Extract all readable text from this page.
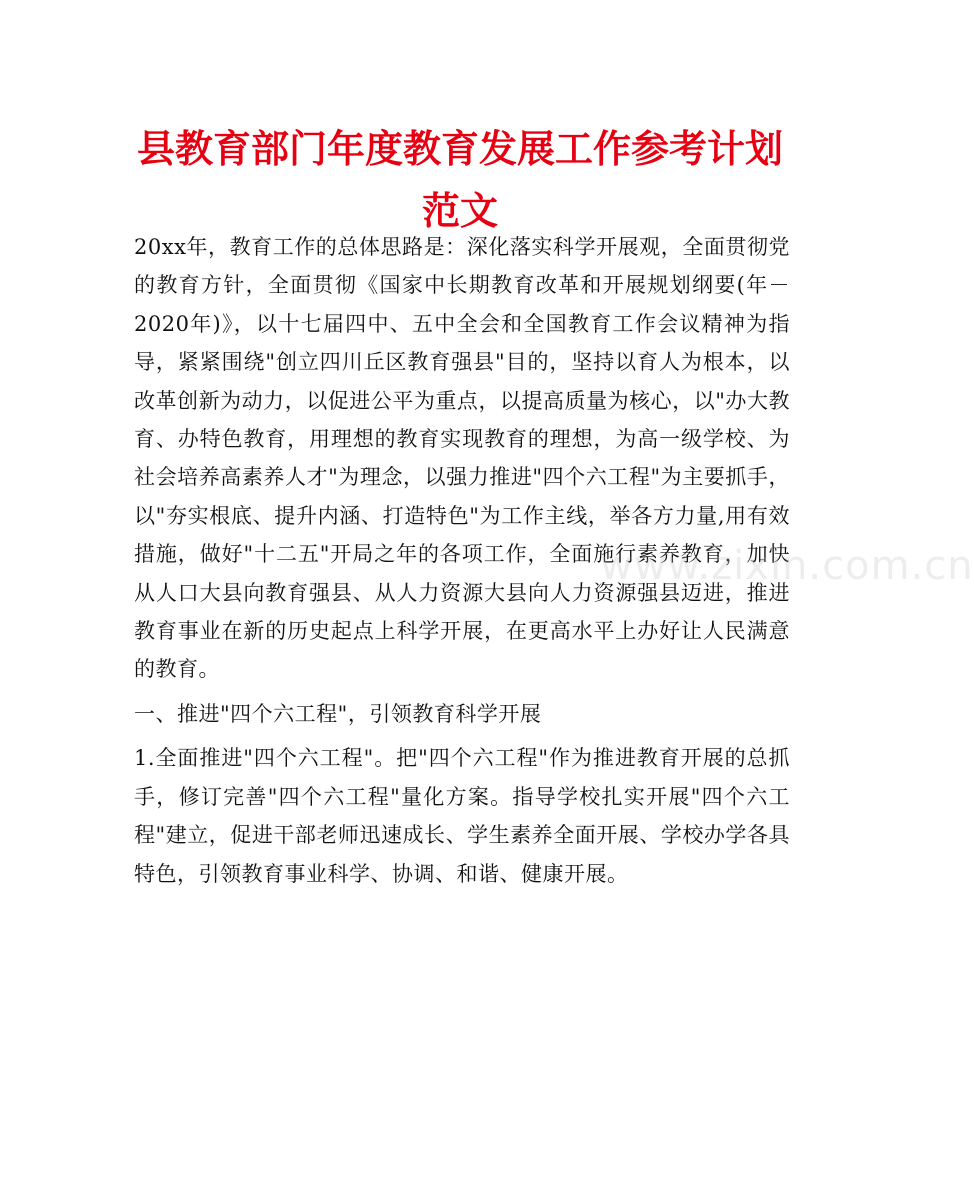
县教育部门年度教育发展工作参考计划范文

20xx年，教育工作的总体思路是：深化落实科学开展观，全面贯彻党的教育方针，全面贯彻《国家中长期教育改革和开展规划纲要(年－2020年)》，以十七届四中、五中全会和全国教育工作会议精神为指导，紧紧围绕"创立四川丘区教育强县"目的，坚持以育人为根本，以改革创新为动力，以促进公平为重点，以提高质量为核心，以"办大教育、办特色教育，用理想的教育实现教育的理想，为高一级学校、为社会培养高素养人才"为理念，以强力推进"四个六工程"为主要抓手，以"夯实根底、提升内涵、打造特色"为工作主线，举各方力量,用有效措施，做好"十二五"开局之年的各项工作，全面施行素养教育，加快从人口大县向教育强县、从人力资源大县向人力资源强县迈进，推进教育事业在新的历史起点上科学开展，在更高水平上办好让人民满意的教育。

一、推进"四个六工程"，引领教育科学开展

1.全面推进"四个六工程"。把"四个六工程"作为推进教育开展的总抓手，修订完善"四个六工程"量化方案。指导学校扎实开展"四个六工程"建立，促进干部老师迅速成长、学生素养全面开展、学校办学各具特色，引领教育事业科学、协调、和谐、健康开展。

www.zixin.com.cn
